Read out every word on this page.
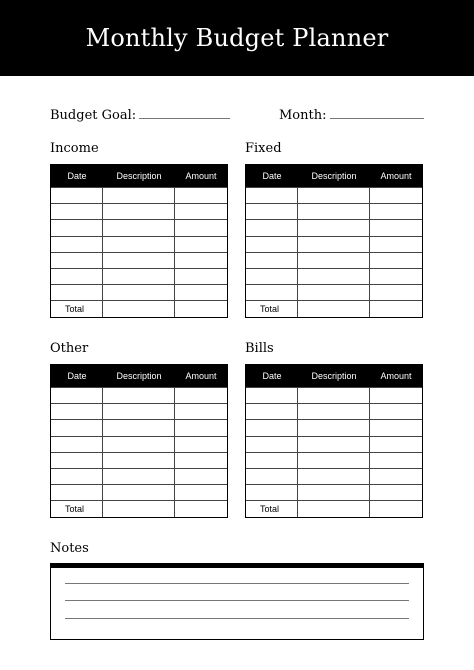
Monthly Budget Planner
Budget Goal:	Month:
Income	Fixed
Other	Bills
Date	Description	Amount
Total
Date	Description	Amount
Total
Date	Description	Amount
Total
Date	Description	Amount
Total
Notes
